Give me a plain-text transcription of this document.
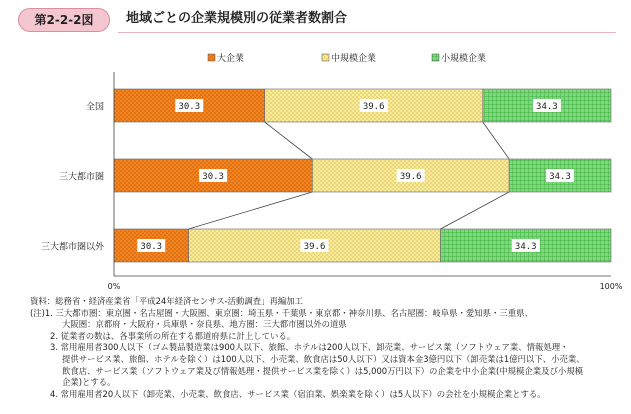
第2-2-2図	地域ごとの企業規模別の従業者数割合
大企業	中規模企業	小規模企業
30.3	39.6	34.3
全国
30.3	39.6	34.3
三大都市圏
30.3	39.6	34.3
三大都市圏以外
0%	100%
資料：総務省・経済産業省「平成24年経済センサス-活動調査」再編加工
(注)1. 三大都市圏：東京圏・名古屋圏・大阪圏、東京圏：埼玉県・千葉県・東京都・神奈川県、名古屋圏：岐阜県・愛知県・三重県、
大阪圏：京都府・大阪府・兵庫県・奈良県、地方圏：三大都市圏以外の道県
2. 従業者の数は、各事業所の所在する都道府県に計上している。
3. 常用雇用者300人以下（ゴム製品製造業は900人以下、旅館、ホテルは200人以下、卸売業、サービス業（ソフトウェア業、情報処理・
提供サービス業、旅館、ホテルを除く）は100人以下、小売業、飲食店は50人以下）又は資本金3億円以下（卸売業は1億円以下、小売業、
飲食店、サービス業（ソフトウェア業及び情報処理・提供サービス業を除く）は5,000万円以下）の企業を中小企業(中規模企業及び小規模
企業)とする。
4. 常用雇用者20人以下（卸売業、小売業、飲食店、サービス業（宿泊業、娯楽業を除く）は5人以下）の会社を小規模企業とする。
